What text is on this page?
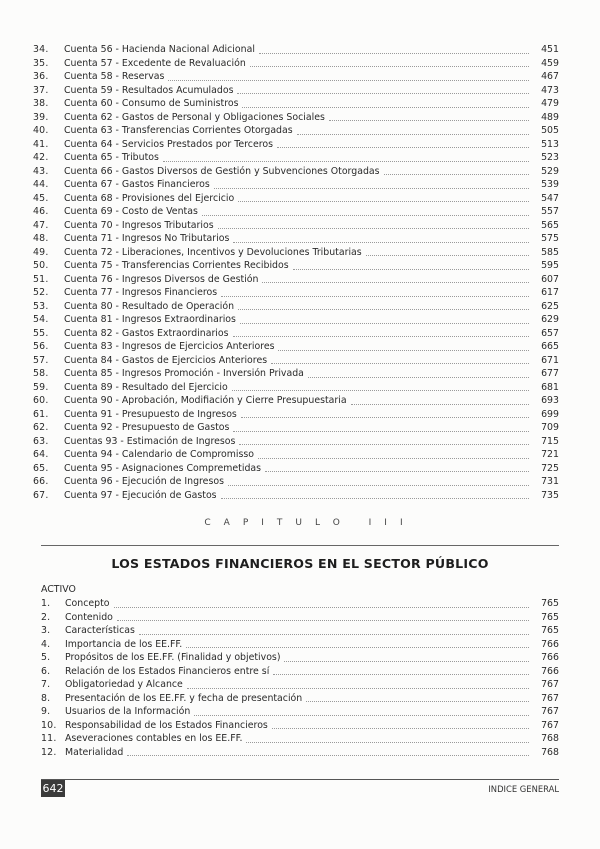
34.	Cuenta 56 - Hacienda Nacional Adicional	451
35.	Cuenta 57 - Excedente de Revaluación	459
36.	Cuenta 58 - Reservas	467
37.	Cuenta 59 - Resultados Acumulados	473
38.	Cuenta 60 - Consumo de Suministros	479
39.	Cuenta 62 - Gastos de Personal y Obligaciones Sociales	489
40.	Cuenta 63 - Transferencias Corrientes Otorgadas	505
41.	Cuenta 64 - Servicios Prestados por Terceros	513
42.	Cuenta 65 - Tributos	523
43.	Cuenta 66 - Gastos Diversos de Gestión y Subvenciones Otorgadas	529
44.	Cuenta 67 - Gastos Financieros	539
45.	Cuenta 68 - Provisiones del Ejercicio	547
46.	Cuenta 69 - Costo de Ventas	557
47.	Cuenta 70 - Ingresos Tributarios	565
48.	Cuenta 71 - Ingresos No Tributarios	575
49.	Cuenta 72 - Liberaciones, Incentivos y Devoluciones Tributarias	585
50.	Cuenta 75 - Transferencias Corrientes Recibidos	595
51.	Cuenta 76 - Ingresos Diversos de Gestión	607
52.	Cuenta 77 - Ingresos Financieros	617
53.	Cuenta 80 - Resultado de Operación	625
54.	Cuenta 81 - Ingresos Extraordinarios	629
55.	Cuenta 82 - Gastos Extraordinarios	657
56.	Cuenta 83 - Ingresos de Ejercicios Anteriores	665
57.	Cuenta 84 - Gastos de Ejercicios Anteriores	671
58.	Cuenta 85 - Ingresos Promoción - Inversión Privada	677
59.	Cuenta 89 - Resultado del Ejercicio	681
60.	Cuenta 90 - Aprobación, Modifiación y Cierre Presupuestaria	693
61.	Cuenta 91 - Presupuesto de Ingresos	699
62.	Cuenta 92 - Presupuesto de Gastos	709
63.	Cuentas 93 - Estimación de Ingresos	715
64.	Cuenta 94 - Calendario de Compromisso	721
65.	Cuenta 95 - Asignaciones Compremetidas	725
66.	Cuenta 96 - Ejecución de Ingresos	731
67.	Cuenta 97 - Ejecución de Gastos	735
CAPITULO III
LOS ESTADOS FINANCIEROS EN EL SECTOR PÚBLICO
ACTIVO
1.	Concepto	765
2.	Contenido	765
3.	Características	765
4.	Importancia de los EE.FF.	766
5.	Propósitos de los EE.FF. (Finalidad y objetivos)	766
6.	Relación de los Estados Financieros entre sí	766
7.	Obligatoriedad y Alcance	767
8.	Presentación de los EE.FF. y fecha de presentación	767
9.	Usuarios de la Información	767
10. Responsabilidad de los Estados Financieros	767
11. Aseveraciones contables en los EE.FF.	768
12. Materialidad	768
642	INDICE GENERAL
